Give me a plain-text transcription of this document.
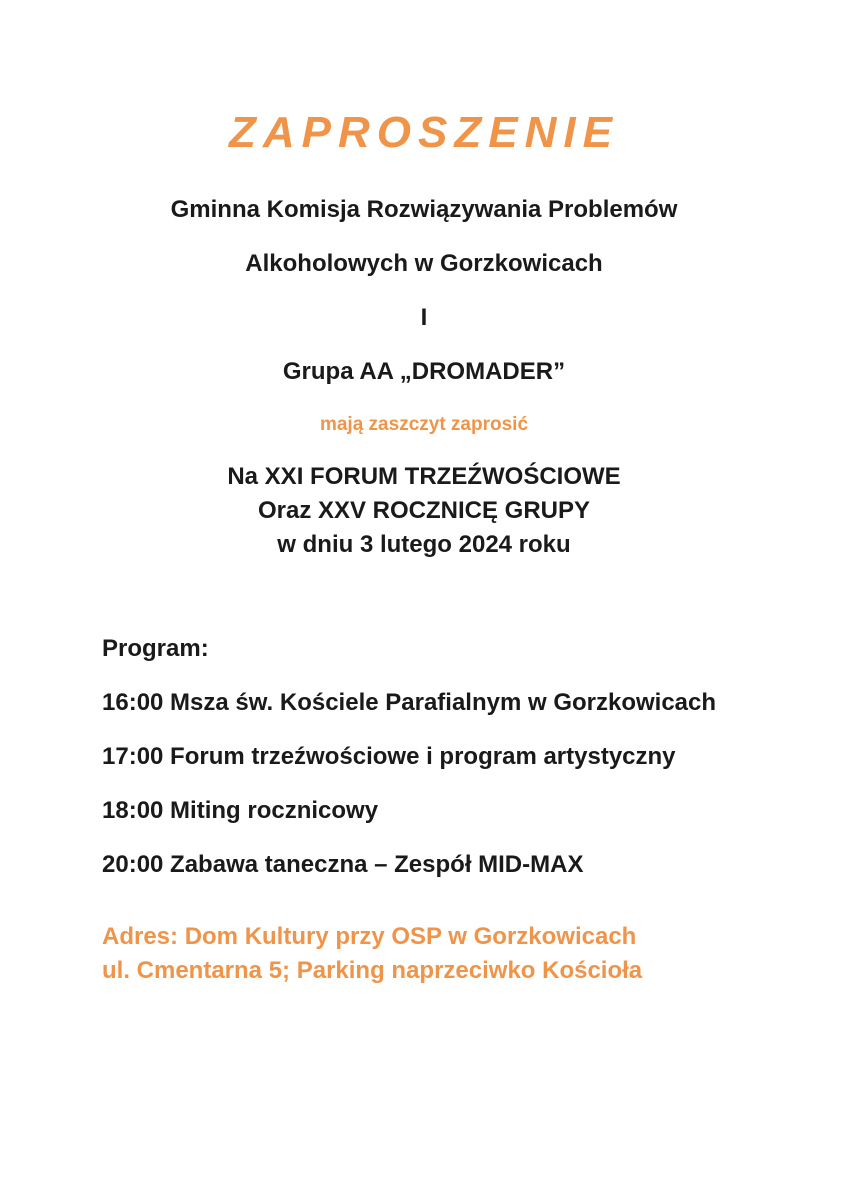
ZAPROSZENIE
Gminna Komisja Rozwiązywania Problemów
Alkoholowych w Gorzkowicach
I
Grupa AA „DROMADER”
mają zaszczyt zaprosić
Na XXI FORUM TRZEŹWOŚCIOWE
Oraz XXV ROCZNICĘ GRUPY
w dniu 3 lutego 2024 roku
Program:
16:00 Msza św. Kościele Parafialnym w Gorzkowicach
17:00 Forum trzeźwościowe i program artystyczny
18:00 Miting rocznicowy
20:00 Zabawa taneczna – Zespół MID-MAX
Adres: Dom Kultury przy OSP w Gorzkowicach
ul. Cmentarna 5; Parking naprzeciwko Kościoła
